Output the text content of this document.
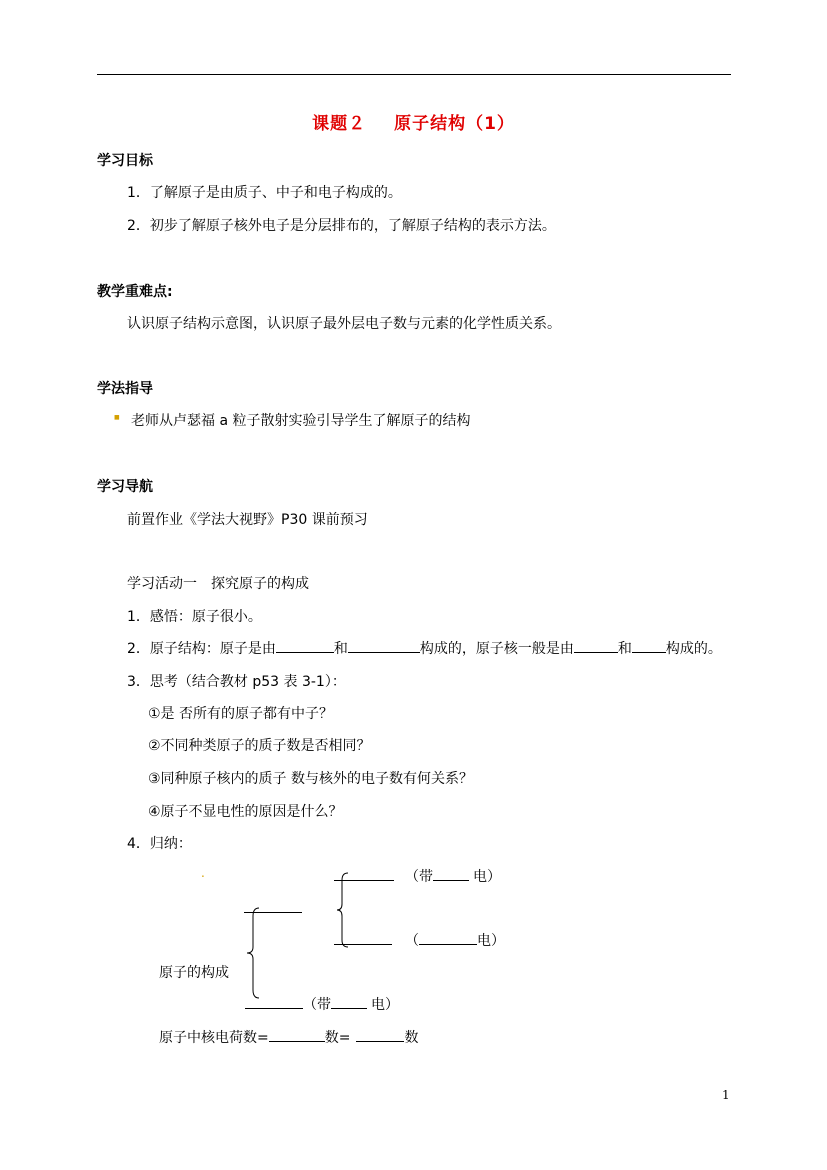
课题２ 原子结构（1）
学习目标
1．了解原子是由质子、中子和电子构成的。
2．初步了解原子核外电子是分层排布的，了解原子结构的表示方法。
教学重难点:
认识原子结构示意图，认识原子最外层电子数与元素的化学性质关系。
学法指导
■ 老师从卢瑟福 a 粒子散射实验引导学生了解原子的结构
学习导航
前置作业《学法大视野》P30 课前预习
学习活动一　探究原子的构成
1．感悟：原子很小。
2．原子结构：原子是由	和	构成的，原子核一般是由	和 构成的。
3．思考（结合教材 p53 表 3-1）：
①是 否所有的原子都有中子？
②不同种类原子的质子数是否相同？
③同种原子核内的质子 数与核外的电子数有何关系？
④原子不显电性的原因是什么？
4．归纳：
.	（带	电）
（	电）
原子的构成
（带	电）
原子中核电荷数=	数=	数
1
